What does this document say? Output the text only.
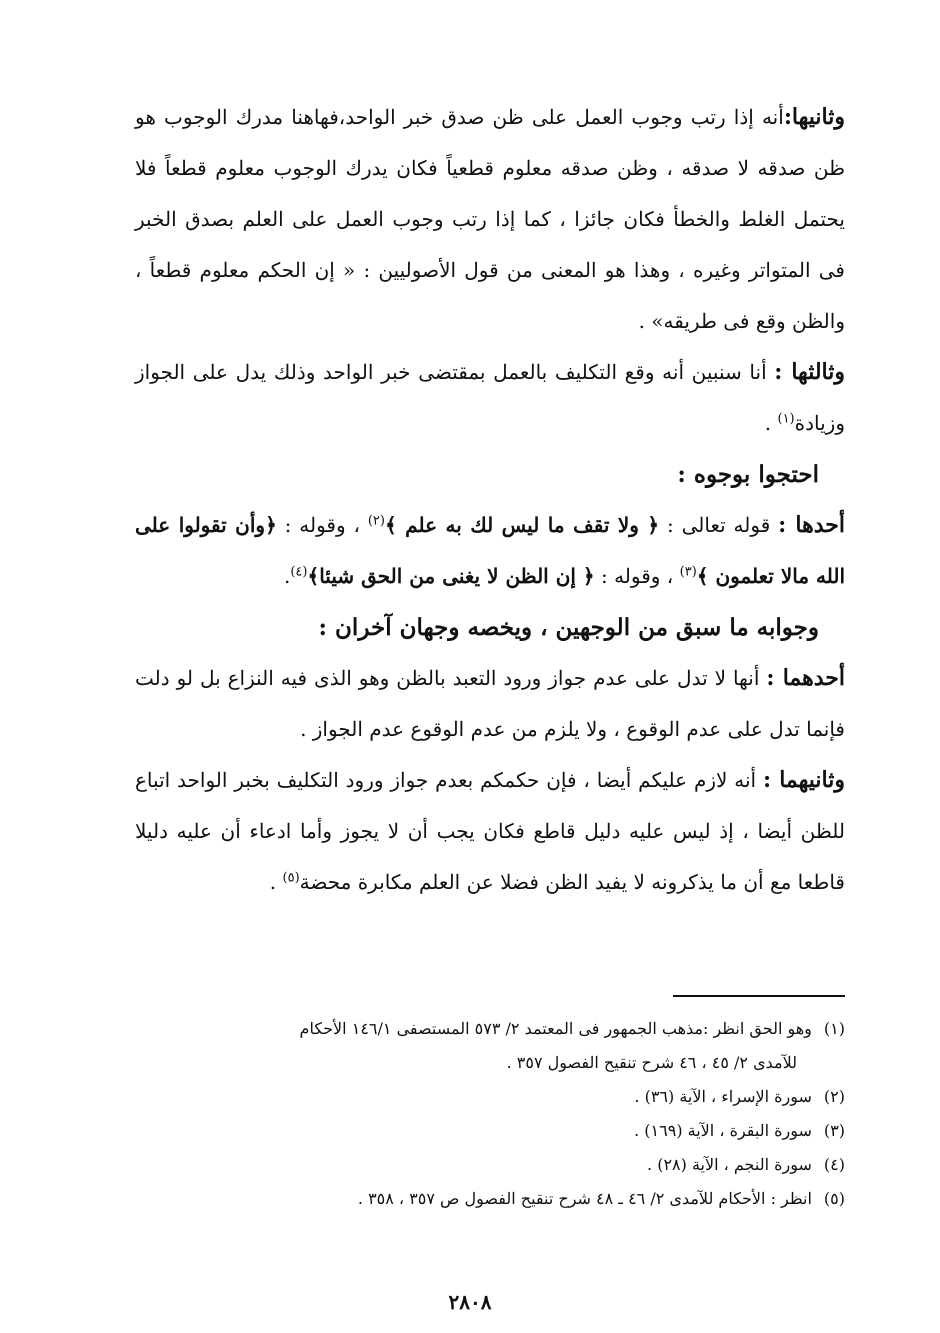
وثانيها:أنه إذا رتب وجوب العمل على ظن صدق خبر الواحد،فهاهنا مدرك الوجوب هو ظن صدقه لا صدقه ، وظن صدقه معلوم قطعياً فكان يدرك الوجوب معلوم قطعاً فلا يحتمل الغلط والخطأ فكان جائزا ، كما إذا رتب وجوب العمل على العلم بصدق الخبر فى المتواتر وغيره ، وهذا هو المعنى من قول الأصوليين : « إن الحكم معلوم قطعاً ، والظن وقع فى طريقه» .

وثالثها : أنا سنبين أنه وقع التكليف بالعمل بمقتضى خبر الواحد وذلك يدل على الجواز وزيادة$^{(١)}$ .

احتجوا بوجوه :

أحدها : قوله تعالى : ﴿ ولا تقف ما ليس لك به علم ﴾$^{(٢)}$ ، وقوله : ﴿وأن تقولوا على الله مالا تعلمون ﴾$^{(٣)}$ ، وقوله : ﴿ إن الظن لا يغنى من الحق شيئا﴾$^{(٤)}$.

وجوابه ما سبق من الوجهين ، ويخصه وجهان آخران :

أحدهما : أنها لا تدل على عدم جواز ورود التعبد بالظن وهو الذى فيه النزاع بل لو دلت فإنما تدل على عدم الوقوع ، ولا يلزم من عدم الوقوع عدم الجواز .

وثانيهما : أنه لازم عليكم أيضا ، فإن حكمكم بعدم جواز ورود التكليف بخبر الواحد اتباع للظن أيضا ، إذ ليس عليه دليل قاطع فكان يجب أن لا يجوز وأما ادعاء أن عليه دليلا قاطعا مع أن ما يذكرونه لا يفيد الظن فضلا عن العلم مكابرة محضة$^{(٥)}$ .

(١)وهو الحق انظر :مذهب الجمهور فى المعتمد ٢/ ٥٧٣ المستصفى ١٤٦/١ الأحكام

للآمدى ٢/ ٤٥ ، ٤٦ شرح تنقيح الفصول ٣٥٧ .

(٢)سورة الإسراء ، الآية (٣٦) .

(٣)سورة البقرة ، الآية (١٦٩) .

(٤)سورة النجم ، الآية (٢٨) .

(٥)انظر : الأحكام للآمدى ٢/ ٤٦ ـ ٤٨ شرح تنقيح الفصول ص ٣٥٧ ، ٣٥٨ .

٢٨٠٨
